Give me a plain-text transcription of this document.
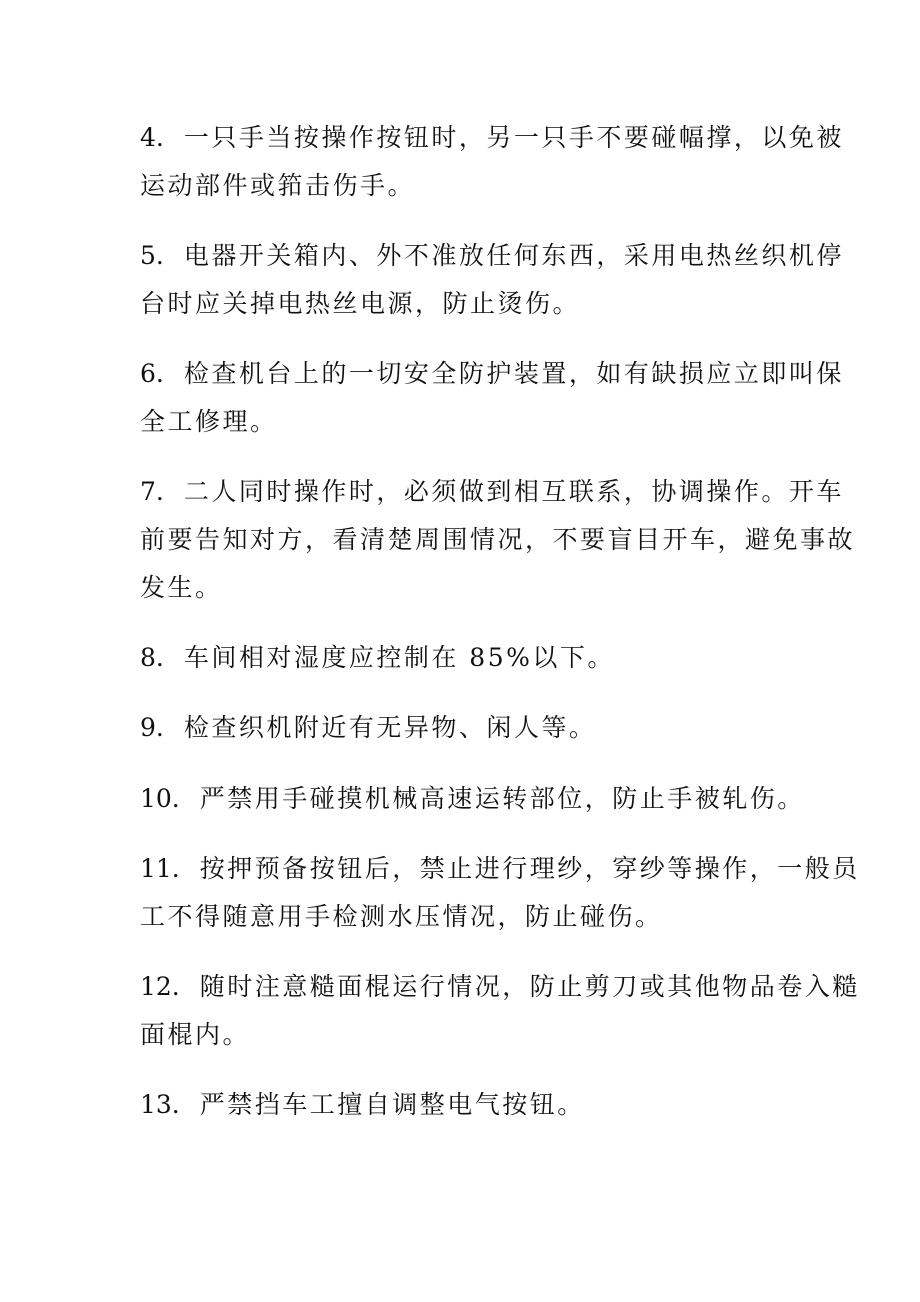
4. 一只手当按操作按钮时，另一只手不要碰幅撑，以免被
运动部件或筘击伤手。
5. 电器开关箱内、外不准放任何东西，采用电热丝织机停
台时应关掉电热丝电源，防止烫伤。
6. 检查机台上的一切安全防护装置，如有缺损应立即叫保
全工修理。
7. 二人同时操作时，必须做到相互联系，协调操作。开车
前要告知对方，看清楚周围情况，不要盲目开车，避免事故
发生。
8. 车间相对湿度应控制在 85%以下。
9. 检查织机附近有无异物、闲人等。
10. 严禁用手碰摸机械高速运转部位，防止手被轧伤。
11. 按押预备按钮后，禁止进行理纱，穿纱等操作，一般员
工不得随意用手检测水压情况，防止碰伤。
12. 随时注意糙面棍运行情况，防止剪刀或其他物品卷入糙
面棍内。
13. 严禁挡车工擅自调整电气按钮。
